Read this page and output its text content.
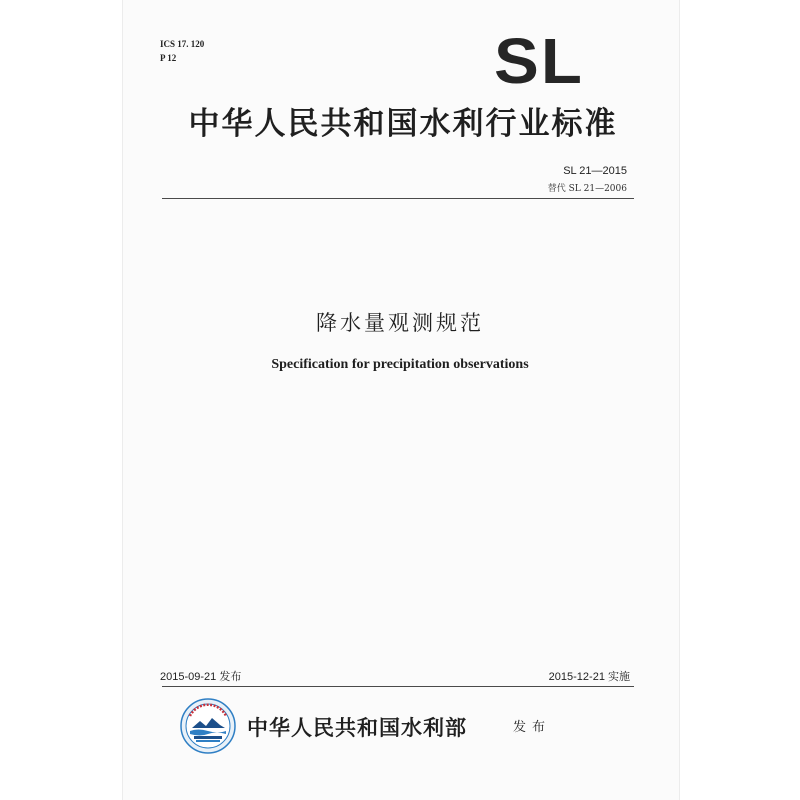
ICS 17. 120
P 12	SL
中华人民共和国水利行业标准
SL 21—2015
替代 SL 21—2006
降水量观测规范
Specification for precipitation observations
2015-09-21 发布	2015-12-21 实施
中华人民共和国水利部	发布
